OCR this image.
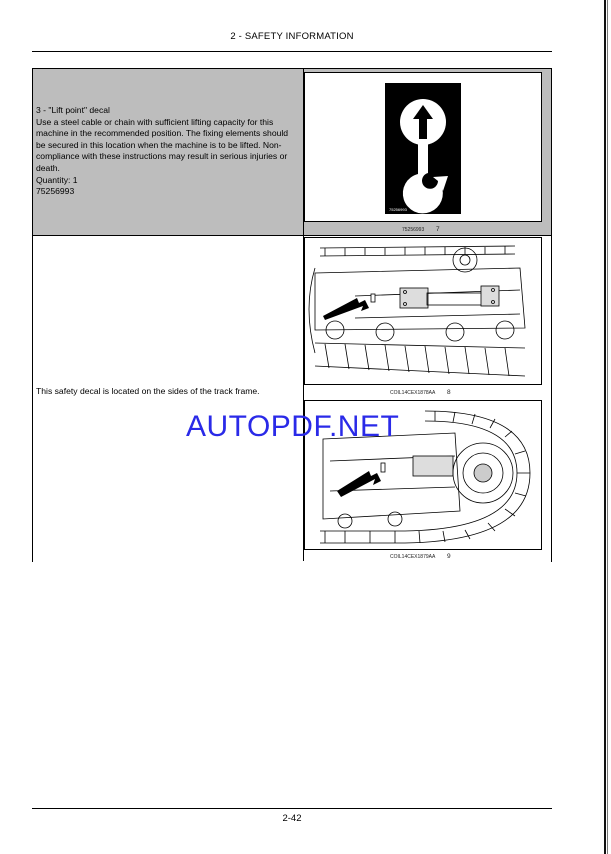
2 - SAFETY INFORMATION
3 - "Lift point" decal
Use a steel cable or chain with sufficient lifting capacity for this machine in the recommended position. The fixing elements should be secured in this location when the machine is to be lifted. Non-compliance with these instructions may result in serious injuries or death.
Quantity: 1
75256993
75256993
75256993 7
This safety decal is located on the sides of the track frame.	COIL14CEX1878AA 8
COIL14CEX1879AA 9
AUTOPDF.NET
2-42
